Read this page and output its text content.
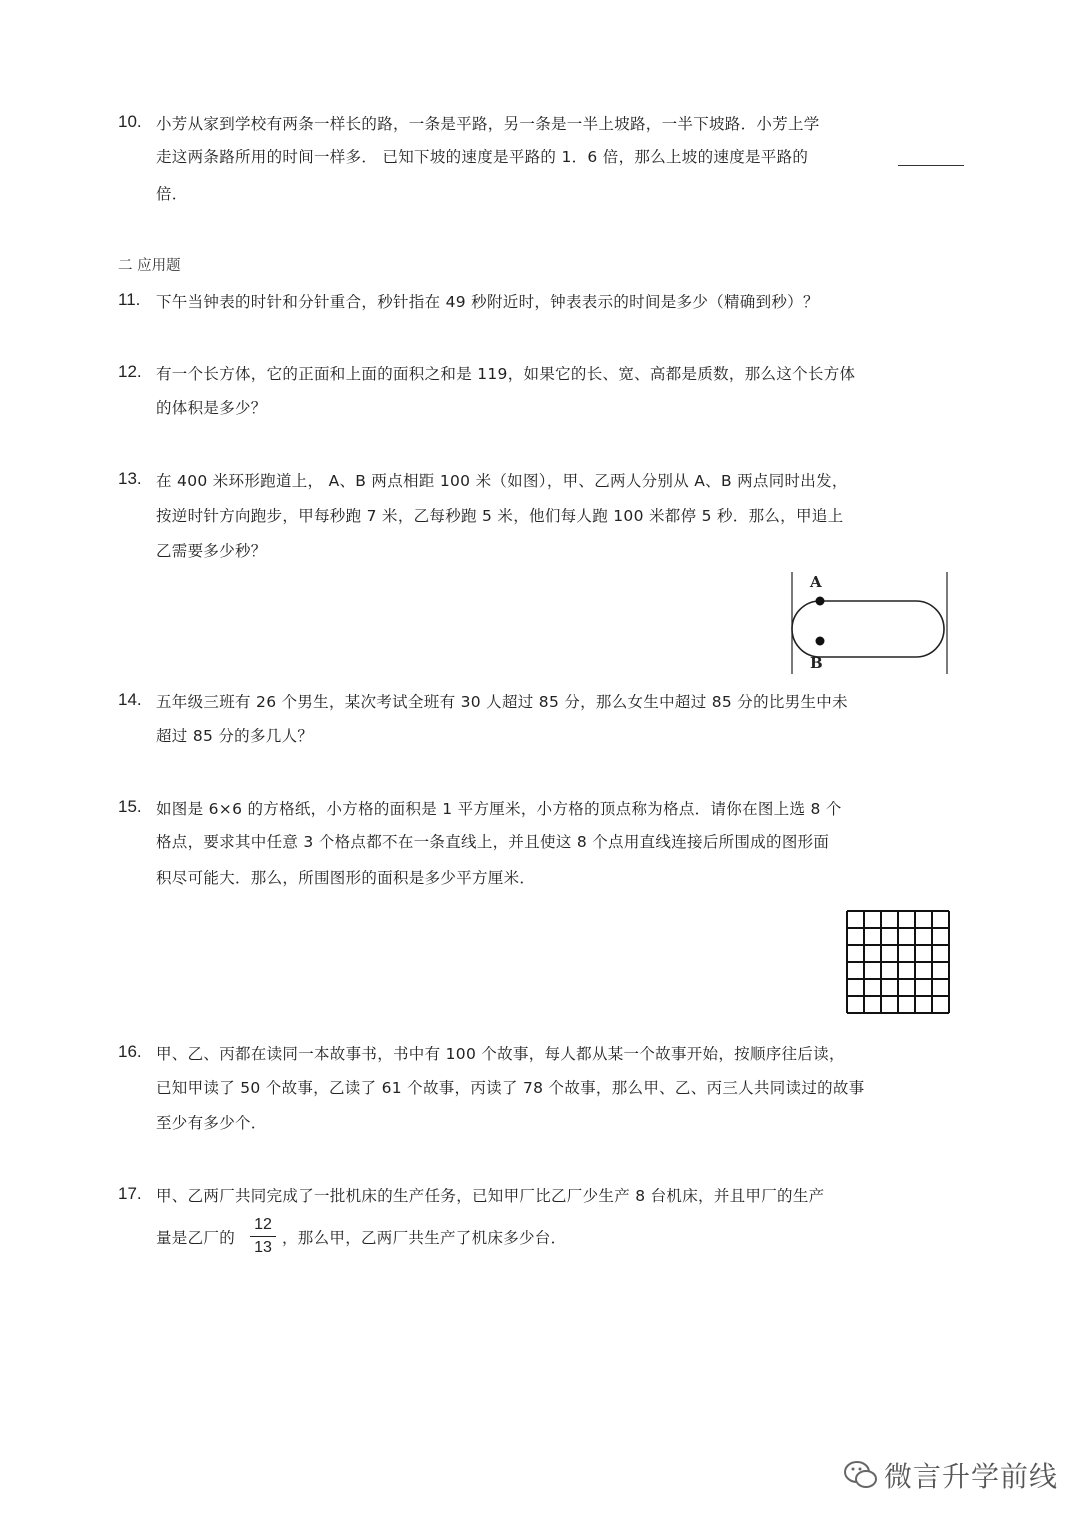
10. 小芳从家到学校有两条一样长的路，一条是平路，另一条是一半上坡路，一半下坡路．小芳上学
走这两条路所用的时间一样多． 已知下坡的速度是平路的 1．6 倍，那么上坡的速度是平路的
倍．
二 应用题
11. 下午当钟表的时针和分针重合，秒针指在 49 秒附近时，钟表表示的时间是多少（精确到秒）？
12. 有一个长方体，它的正面和上面的面积之和是 119，如果它的长、宽、高都是质数，那么这个长方体
的体积是多少？
13. 在 400 米环形跑道上， A、B 两点相距 100 米（如图），甲、乙两人分别从 A、B 两点同时出发，
按逆时针方向跑步，甲每秒跑 7 米，乙每秒跑 5 米，他们每人跑 100 米都停 5 秒．那么，甲追上
乙需要多少秒？
A
B
14. 五年级三班有 26 个男生，某次考试全班有 30 人超过 85 分，那么女生中超过 85 分的比男生中未
超过 85 分的多几人？
15. 如图是 6×6 的方格纸，小方格的面积是 1 平方厘米，小方格的顶点称为格点．请你在图上选 8 个
格点，要求其中任意 3 个格点都不在一条直线上，并且使这 8 个点用直线连接后所围成的图形面
积尽可能大．那么，所围图形的面积是多少平方厘米．
16. 甲、乙、丙都在读同一本故事书，书中有 100 个故事，每人都从某一个故事开始，按顺序往后读，
已知甲读了 50 个故事，乙读了 61 个故事，丙读了 78 个故事，那么甲、乙、丙三人共同读过的故事
至少有多少个．
17. 甲、乙两厂共同完成了一批机床的生产任务，已知甲厂比乙厂少生产 8 台机床，并且甲厂的生产
量是乙厂的
12
13
，那么甲，乙两厂共生产了机床多少台．
微言升学前线
